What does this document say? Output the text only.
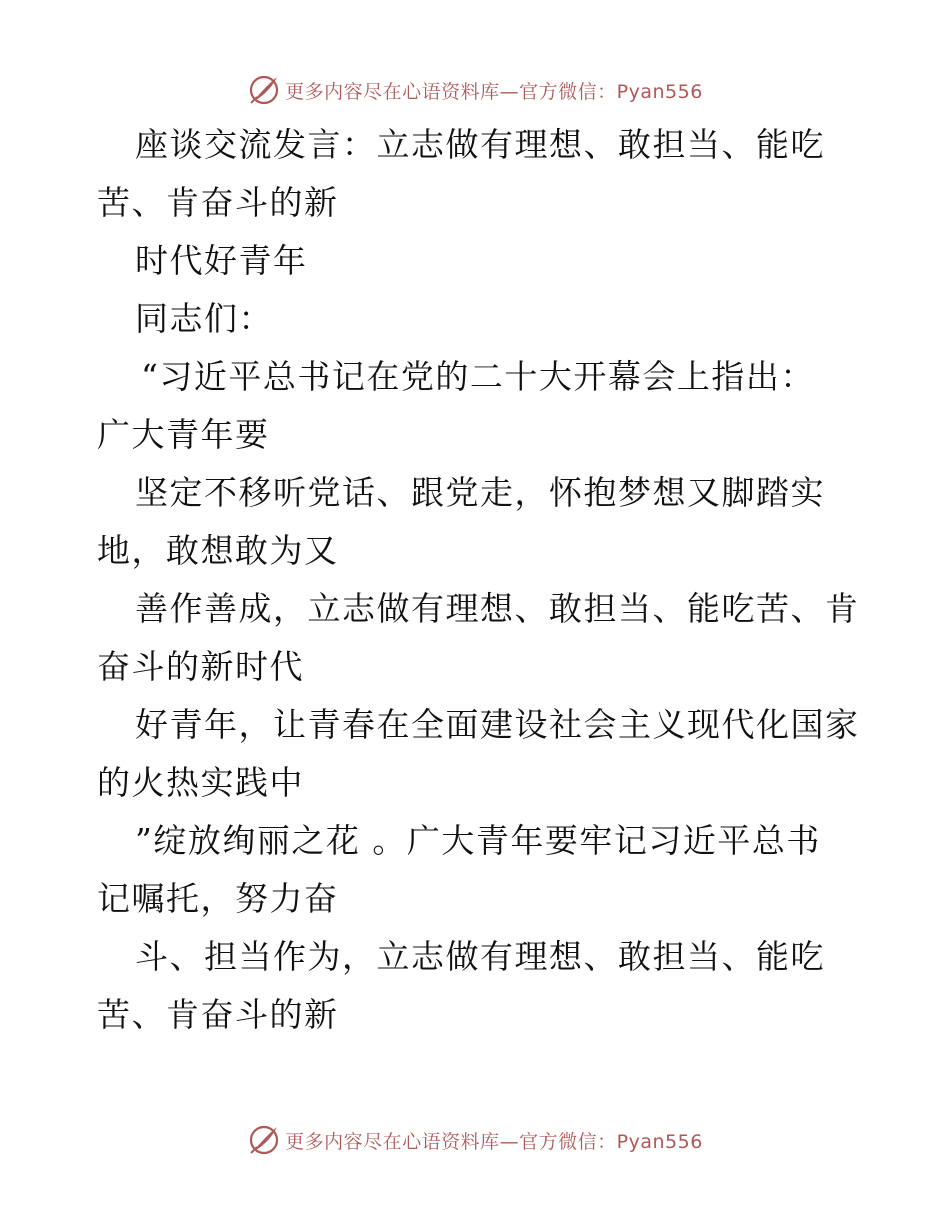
更多内容尽在心语资料库—官方微信：Pyan556
座谈交流发言：立志做有理想、敢担当、能吃
苦、肯奋斗的新
时代好青年
同志们：
“习近平总书记在党的二十大开幕会上指出：
广大青年要
坚定不移听党话、跟党走，怀抱梦想又脚踏实
地，敢想敢为又
善作善成，立志做有理想、敢担当、能吃苦、肯
奋斗的新时代
好青年，让青春在全面建设社会主义现代化国家
的火热实践中
”绽放绚丽之花 。广大青年要牢记习近平总书
记嘱托，努力奋
斗、担当作为，立志做有理想、敢担当、能吃
苦、肯奋斗的新
更多内容尽在心语资料库—官方微信：Pyan556
